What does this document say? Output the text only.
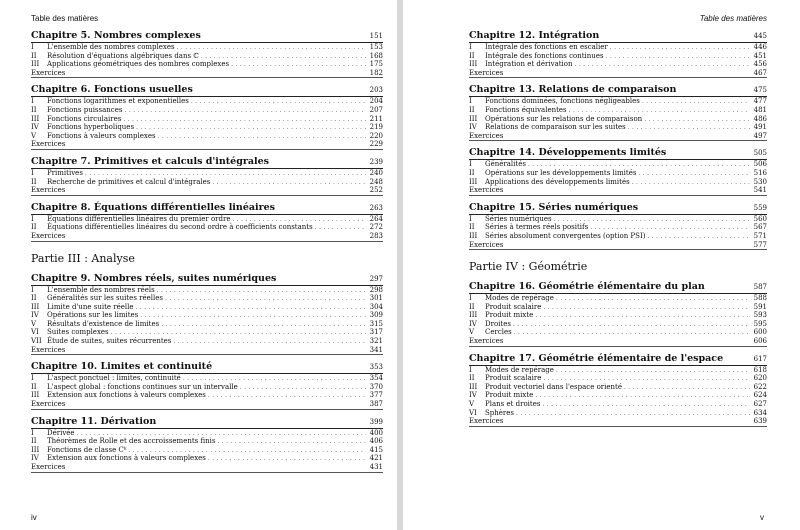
Table des matières
Chapitre 5. Nombres complexes	151
I	L'ensemble des nombres complexes .....	153
II	Résolution d'équations algébriques dans ℂ .....	168
III	Applications géométriques des nombres complexes .....	175
Exercices	182
Chapitre 6. Fonctions usuelles	203
I	Fonctions logarithmes et exponentielles .....	204
II	Fonctions puissances .....	207
III	Fonctions circulaires .....	211
IV	Fonctions hyperboliques .....	219
V	Fonctions à valeurs complexes .....	220
Exercices	229
Chapitre 7. Primitives et calculs d'intégrales	239
I	Primitives .....	240
II	Recherche de primitives et calcul d'intégrales .....	248
Exercices	252
Chapitre 8. Équations différentielles linéaires	263
I	Équations différentielles linéaires du premier ordre .....	264
II	Équations différentielles linéaires du second ordre à coefficients constants .....	272
Exercices	283
Partie III : Analyse
Chapitre 9. Nombres réels, suites numériques	297
I	L'ensemble des nombres réels .....	298
II	Généralités sur les suites réelles .....	301
III	Limite d'une suite réelle .....	304
IV	Opérations sur les limites .....	309
V	Résultats d'existence de limites .....	315
VI	Suites complexes .....	317
VII Étude de suites, suites récurrentes .....	321
Exercices	341
Chapitre 10. Limites et continuité	353
I	L'aspect ponctuel : limites, continuité .....	354
II	L'aspect global : fonctions continues sur un intervalle .....	370
III	Extension aux fonctions à valeurs complexes .....	377
Exercices	387
Chapitre 11. Dérivation	399
I	Dérivée .....	400
II	Théorèmes de Rolle et des accroissements finis .....	406
III	Fonctions de classe Cᵏ .....	415
IV	Extension aux fonctions à valeurs complexes .....	421
Exercices	431
iv
Table des matières
Chapitre 12. Intégration	445
I	Intégrale des fonctions en escalier .....	446
II	Intégrale des fonctions continues .....	451
III	Intégration et dérivation .....	456
Exercices	467
Chapitre 13. Relations de comparaison	475
I	Fonctions dominées, fonctions négligeables .....	477
II	Fonctions équivalentes .....	481
III	Opérations sur les relations de comparaison .....	486
IV	Relations de comparaison sur les suites .....	491
Exercices	497
Chapitre 14. Développements limités	505
I	Généralités .....	506
II	Opérations sur les développements limités .....	516
III	Applications des développements limités .....	530
Exercices	541
Chapitre 15. Séries numériques	559
I	Séries numériques .....	560
II	Séries à termes réels positifs .....	567
III	Séries absolument convergentes (option PSI) .....	571
Exercices	577
Partie IV : Géométrie
Chapitre 16. Géométrie élémentaire du plan	587
I	Modes de repérage .....	588
II	Produit scalaire .....	591
III	Produit mixte .....	593
IV	Droites .....	595
V	Cercles .....	600
Exercices	606
Chapitre 17. Géométrie élémentaire de l'espace	617
I	Modes de repérage .....	618
II	Produit scalaire .....	620
III	Produit vectoriel dans l'espace orienté .....	622
IV	Produit mixte .....	624
V	Plans et droites .....	627
VI	Sphères .....	634
Exercices	639
v
